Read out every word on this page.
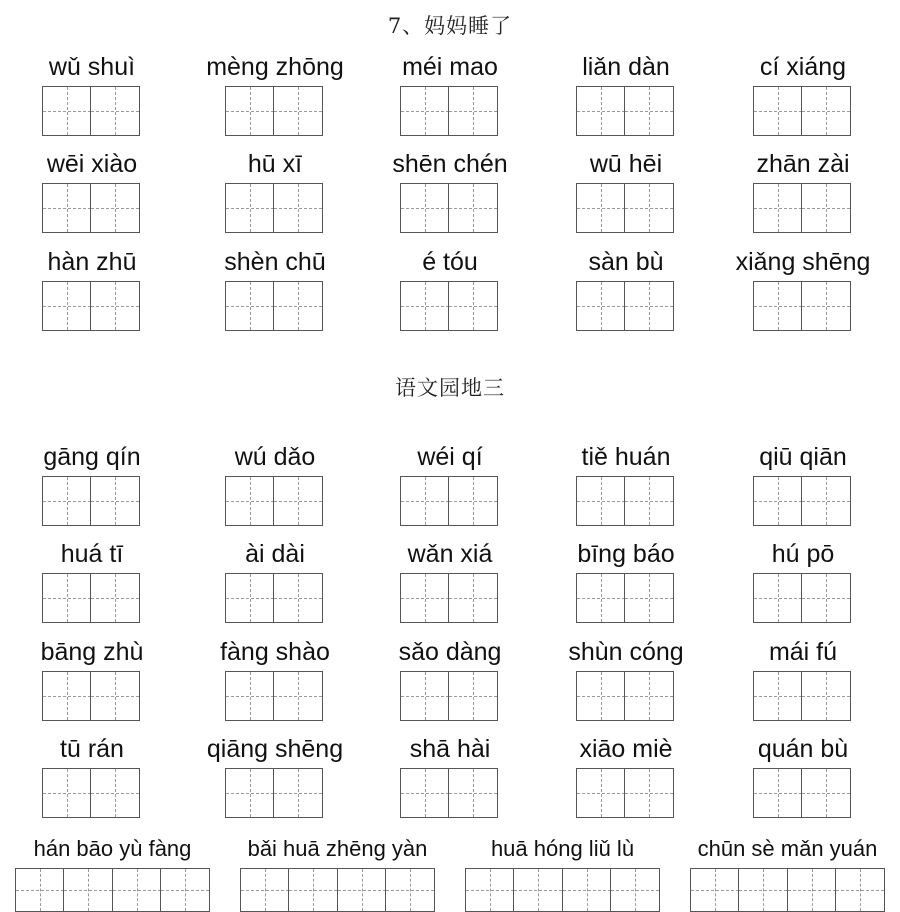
7、妈妈睡了
wǔ shuì	mèng zhōng	méi mao	liǎn dàn	cí xiáng
wēi xiào	hū xī	shēn chén	wū hēi	zhān zài
hàn zhū	shèn chū	é tóu	sàn bù	xiǎng shēng
语文园地三
gāng qín	wú dǎo	wéi qí	tiě huán	qiū qiān
huá tī	ài dài	wǎn xiá	bīng báo	hú pō
bāng zhù	fàng shào	sǎo dàng	shùn cóng	mái fú
tū rán	qiāng shēng	shā hài	xiāo miè	quán bù
hán bāo yù fàng	bǎi huā zhēng yàn	huā hóng liǔ lù	chūn sè mǎn yuán
